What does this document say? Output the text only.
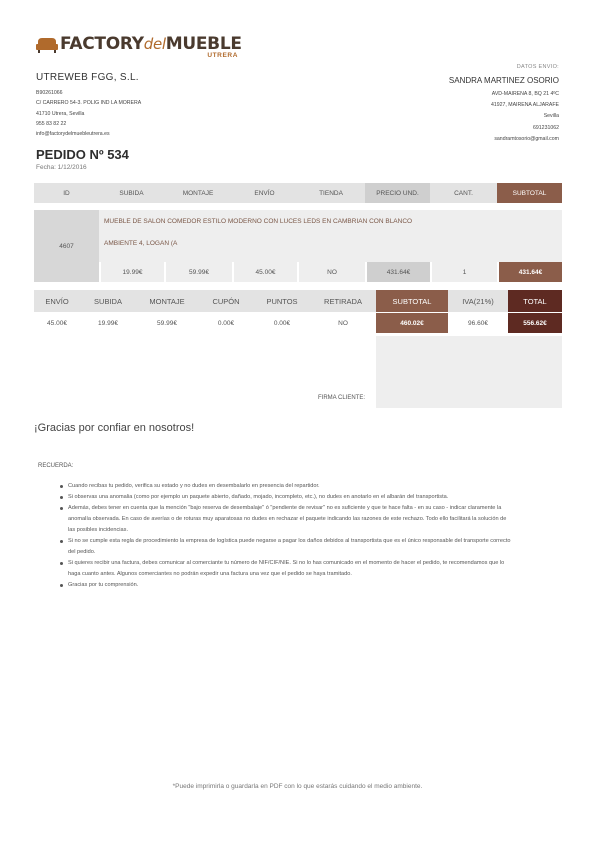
FACTORYdelMUEBLE
UTRERA
UTREWEB FGG, S.L.
B90261066
C/ CARRERO 54-3. POLIG IND LA MORERA
41710 Utrera, Sevilla
955 83 82 22
info@factorydelmuebleutrera.es
DATOS ENVIO:
SANDRA MARTINEZ OSORIO
AVD-MAIRENA 8, BQ 21 4ºC
41927, MAIRENA ALJARAFE
Sevilla
691231062
sandramtosorio@gmail.com
PEDIDO Nº 534
Fecha: 1/12/2016
ID	SUBIDA	MONTAJE	ENVÍO	TIENDA	PRECIO UND.	CANT.	SUBTOTAL
4607
MUEBLE DE SALON COMEDOR ESTILO MODERNO CON LUCES LEDS EN CAMBRIAN CON BLANCO
AMBIENTE 4, LOGAN (A
19.99€	59.99€	45.00€	NO	431.64€	1	431.64€
ENVÍO	SUBIDA	MONTAJE	CUPÓN	PUNTOS	RETIRADA	SUBTOTAL	IVA(21%)	TOTAL
45.00€	19.99€	59.99€	0.00€	0.00€	NO	460.02€	96.60€	556.62€
FIRMA CLIENTE:
¡Gracias por confiar en nosotros!
RECUERDA:
Cuando recibas tu pedido, verifica su estado y no dudes en desembalarlo en presencia del repartidor.
Si observas una anomalia (como por ejemplo un paquete abierto, dañado, mojado, incompleto, etc.), no dudes en anotarlo en el albarán del transportista.
Además, debes tener en cuenta que la mención "bajo reserva de desembalaje" ó "pendiente de revisar" no es suficiente y que te hace falta - en su caso - indicar claramente la anomalía observada. En caso de averías o de roturas muy aparatosas no dudes en rechazar el paquete indicando las razones de este rechazo. Todo ello facilitará la solución de las posibles incidencias.
Si no se cumple esta regla de procedimiento la empresa de logística puede negarse a pagar los daños debidos al transportista que es el único responsable del transporte correcto del pedido.
Si quieres recibir una factura, debes comunicar al comerciante tu número de NIF/CIF/NIE. Si no lo has comunicado en el momento de hacer el pedido, te recomendamos que lo haga cuanto antes. Algunos comerciantes no podrán expedir una factura una vez que el pedido se haya tramitado.
Gracias por tu comprensión.
*Puede imprimirla o guardarla en PDF con lo que estarás cuidando el medio ambiente.
